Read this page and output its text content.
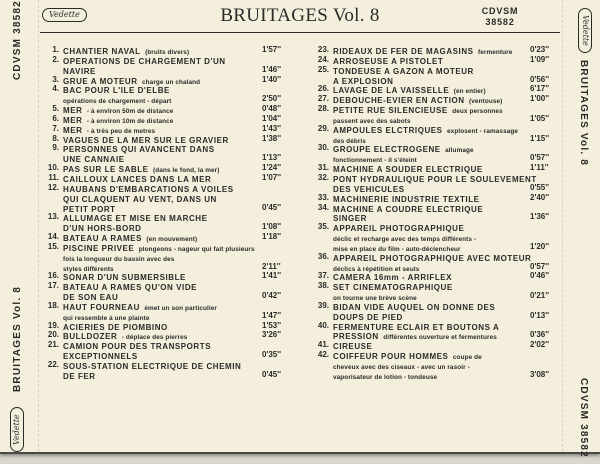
CDVSM 38582
BRUITAGES Vol. 8
Vedette
Vedette
BRUITAGES Vol. 8
CDVSM 38582
Vedette	BRUITAGES Vol. 8	CDVSM
38582
1. CHANTIER NAVAL (bruits divers)	1'57''
2. OPERATIONS DE CHARGEMENT D'UN
NAVIRE	1'46''
3. GRUE A MOTEUR charge un chaland	1'40''
4. BAC POUR L'ILE D'ELBE
opérations de chargement - départ	2'50''
5. MER - à environ 50m de distance	0'48''
6. MER - à environ 10m de distance	1'04''
7. MER - à très peu de metres	1'43''
8. VAGUES DE LA MER SUR LE GRAVIER	1'38''
9. PERSONNES QUI AVANCENT DANS
UNE CANNAIE	1'13''
10. PAS SUR LE SABLE (dans le fond, la mer)	1'24''
11. CAILLOUX LANCES DANS LA MER	1'07''
12. HAUBANS D'EMBARCATIONS A VOILES
QUI CLAQUENT AU VENT, DANS UN
PETIT PORT	0'45''
13. ALLUMAGE ET MISE EN MARCHE
D'UN HORS-BORD	1'08''
14. BATEAU A RAMES (en mouvement)	1'18''
15. PISCINE PRIVEE plongeons - nageur qui fait plusieurs
fois la longueur du bassin avec des
styles différents	2'11''
16. SONAR D'UN SUBMERSIBLE	1'41''
17. BATEAU A RAMES QU'ON VIDE
DE SON EAU	0'42''
18. HAUT FOURNEAU émet un son particulier
qui ressemble à une plainte	1'47''
19. ACIERIES DE PIOMBINO	1'53''
20. BULLDOZER - déplace des pierres	3'26''
21. CAMION POUR DES TRANSPORTS
EXCEPTIONNELS	0'35''
22. SOUS-STATION ELECTRIQUE DE CHEMIN
DE FER	0'45''
23. RIDEAUX DE FER DE MAGASINS fermenture 0'23''
24. ARROSEUSE A PISTOLET	1'09''
25. TONDEUSE A GAZON A MOTEUR
A EXPLOSION	0'56''
26. LAVAGE DE LA VAISSELLE (en entier)	6'17''
27. DEBOUCHE-EVIER EN ACTION (ventouse)	1'00''
28. PETITE RUE SILENCIEUSE deux personnes
passent avec des sabots	1'05''
29. AMPOULES ELCTRIQUES explosent - ramassage
des débris	1'15''
30. GROUPE ELECTROGENE allumage
fonctionnement - il s'éteint	0'57''
31. MACHINE A SOUDER ELECTRIQUE	1'11''
32. PONT HYDRAULIQUE POUR LE SOULEVEMENT
DES VEHICULES	0'55''
33. MACHINERIE INDUSTRIE TEXTILE	2'40''
34. MACHINE A COUDRE ELECTRIQUE
SINGER	1'36''
35. APPAREIL PHOTOGRAPHIQUE
déclic et recharge avec des temps différents -
mise en place du film - auto-déclencheur	1'20''
36. APPAREIL PHOTOGRAPHIQUE AVEC MOTEUR
déclics à répétition et seuls	0'57''
37. CAMERA 16mm - ARRIFLEX	0'46''
38. SET CINEMATOGRAPHIQUE
on tourne une brève scène	0'21''
39. BIDAN VIDE AUQUEL ON DONNE DES
DOUPS DE PIED	0'13''
40. FERMENTURE ECLAIR ET BOUTONS A
PRESSION différentes ouverture et fermentures	0'36''
41. CIREUSE	2'02''
42. COIFFEUR POUR HOMMES coupe de
cheveux avec des ciseaux - avec un rasoir -
vaporisateur de lotion - tondeuse	3'08''
